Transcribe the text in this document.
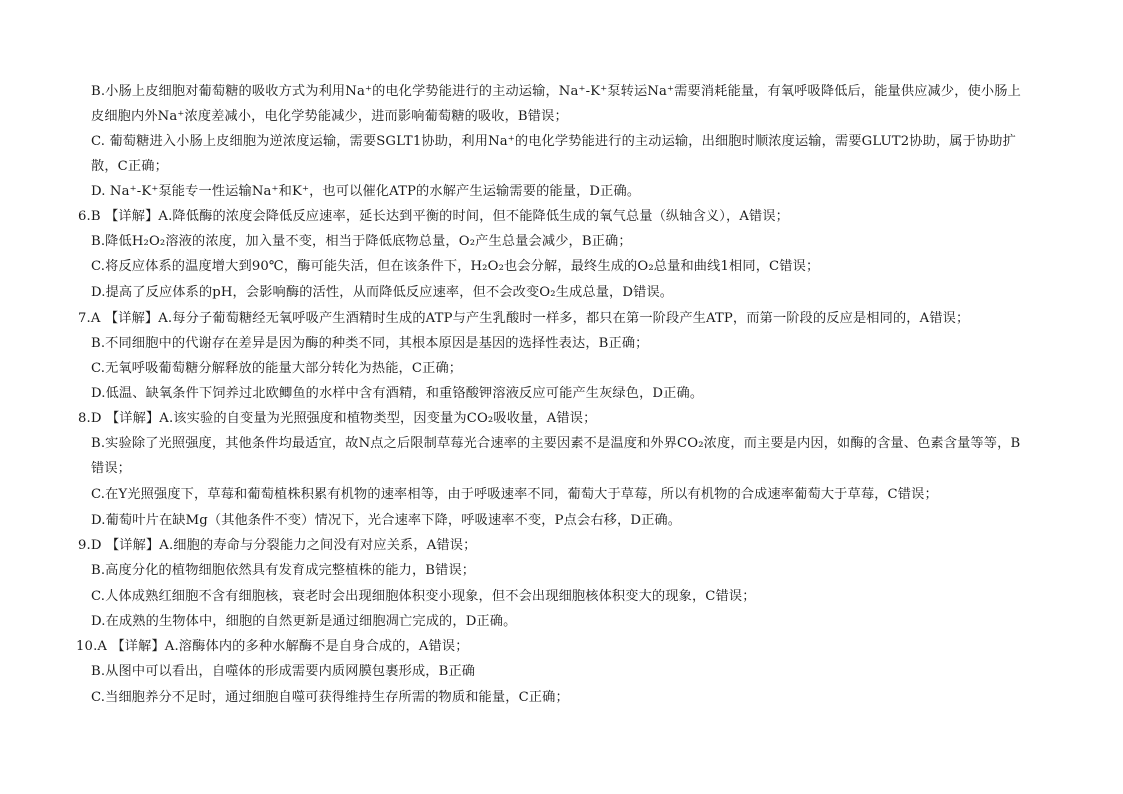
B.小肠上皮细胞对葡萄糖的吸收方式为利用Na⁺的电化学势能进行的主动运输，Na⁺-K⁺泵转运Na⁺需要消耗能量，有氧呼吸降低后，能量供应减少，使小肠上
皮细胞内外Na⁺浓度差减小，电化学势能减少，进而影响葡萄糖的吸收，B错误；
C. 葡萄糖进入小肠上皮细胞为逆浓度运输，需要SGLT1协助，利用Na⁺的电化学势能进行的主动运输，出细胞时顺浓度运输，需要GLUT2协助，属于协助扩
散，C正确；
D. Na⁺-K⁺泵能专一性运输Na⁺和K⁺，也可以催化ATP的水解产生运输需要的能量，D正确。
6.B 【详解】A.降低酶的浓度会降低反应速率，延长达到平衡的时间，但不能降低生成的氧气总量（纵轴含义），A错误；
B.降低H₂O₂溶液的浓度，加入量不变，相当于降低底物总量，O₂产生总量会减少，B正确；
C.将反应体系的温度增大到90℃，酶可能失活，但在该条件下，H₂O₂也会分解，最终生成的O₂总量和曲线1相同，C错误；
D.提高了反应体系的pH，会影响酶的活性，从而降低反应速率，但不会改变O₂生成总量，D错误。
7.A 【详解】A.每分子葡萄糖经无氧呼吸产生酒精时生成的ATP与产生乳酸时一样多，都只在第一阶段产生ATP，而第一阶段的反应是相同的，A错误；
B.不同细胞中的代谢存在差异是因为酶的种类不同，其根本原因是基因的选择性表达，B正确；
C.无氧呼吸葡萄糖分解释放的能量大部分转化为热能，C正确；
D.低温、缺氧条件下饲养过北欧鲫鱼的水样中含有酒精，和重铬酸钾溶液反应可能产生灰绿色，D正确。
8.D 【详解】A.该实验的自变量为光照强度和植物类型，因变量为CO₂吸收量，A错误；
B.实验除了光照强度，其他条件均最适宜，故N点之后限制草莓光合速率的主要因素不是温度和外界CO₂浓度，而主要是内因，如酶的含量、色素含量等等，B
错误；
C.在Y光照强度下，草莓和葡萄植株积累有机物的速率相等，由于呼吸速率不同，葡萄大于草莓，所以有机物的合成速率葡萄大于草莓，C错误；
D.葡萄叶片在缺Mg（其他条件不变）情况下，光合速率下降，呼吸速率不变，P点会右移，D正确。
9.D 【详解】A.细胞的寿命与分裂能力之间没有对应关系，A错误；
B.高度分化的植物细胞依然具有发育成完整植株的能力，B错误；
C.人体成熟红细胞不含有细胞核，衰老时会出现细胞体积变小现象，但不会出现细胞核体积变大的现象，C错误；
D.在成熟的生物体中，细胞的自然更新是通过细胞凋亡完成的，D正确。
10.A 【详解】A.溶酶体内的多种水解酶不是自身合成的，A错误；
B.从图中可以看出，自噬体的形成需要内质网膜包裹形成，B正确
C.当细胞养分不足时，通过细胞自噬可获得维持生存所需的物质和能量，C正确；
